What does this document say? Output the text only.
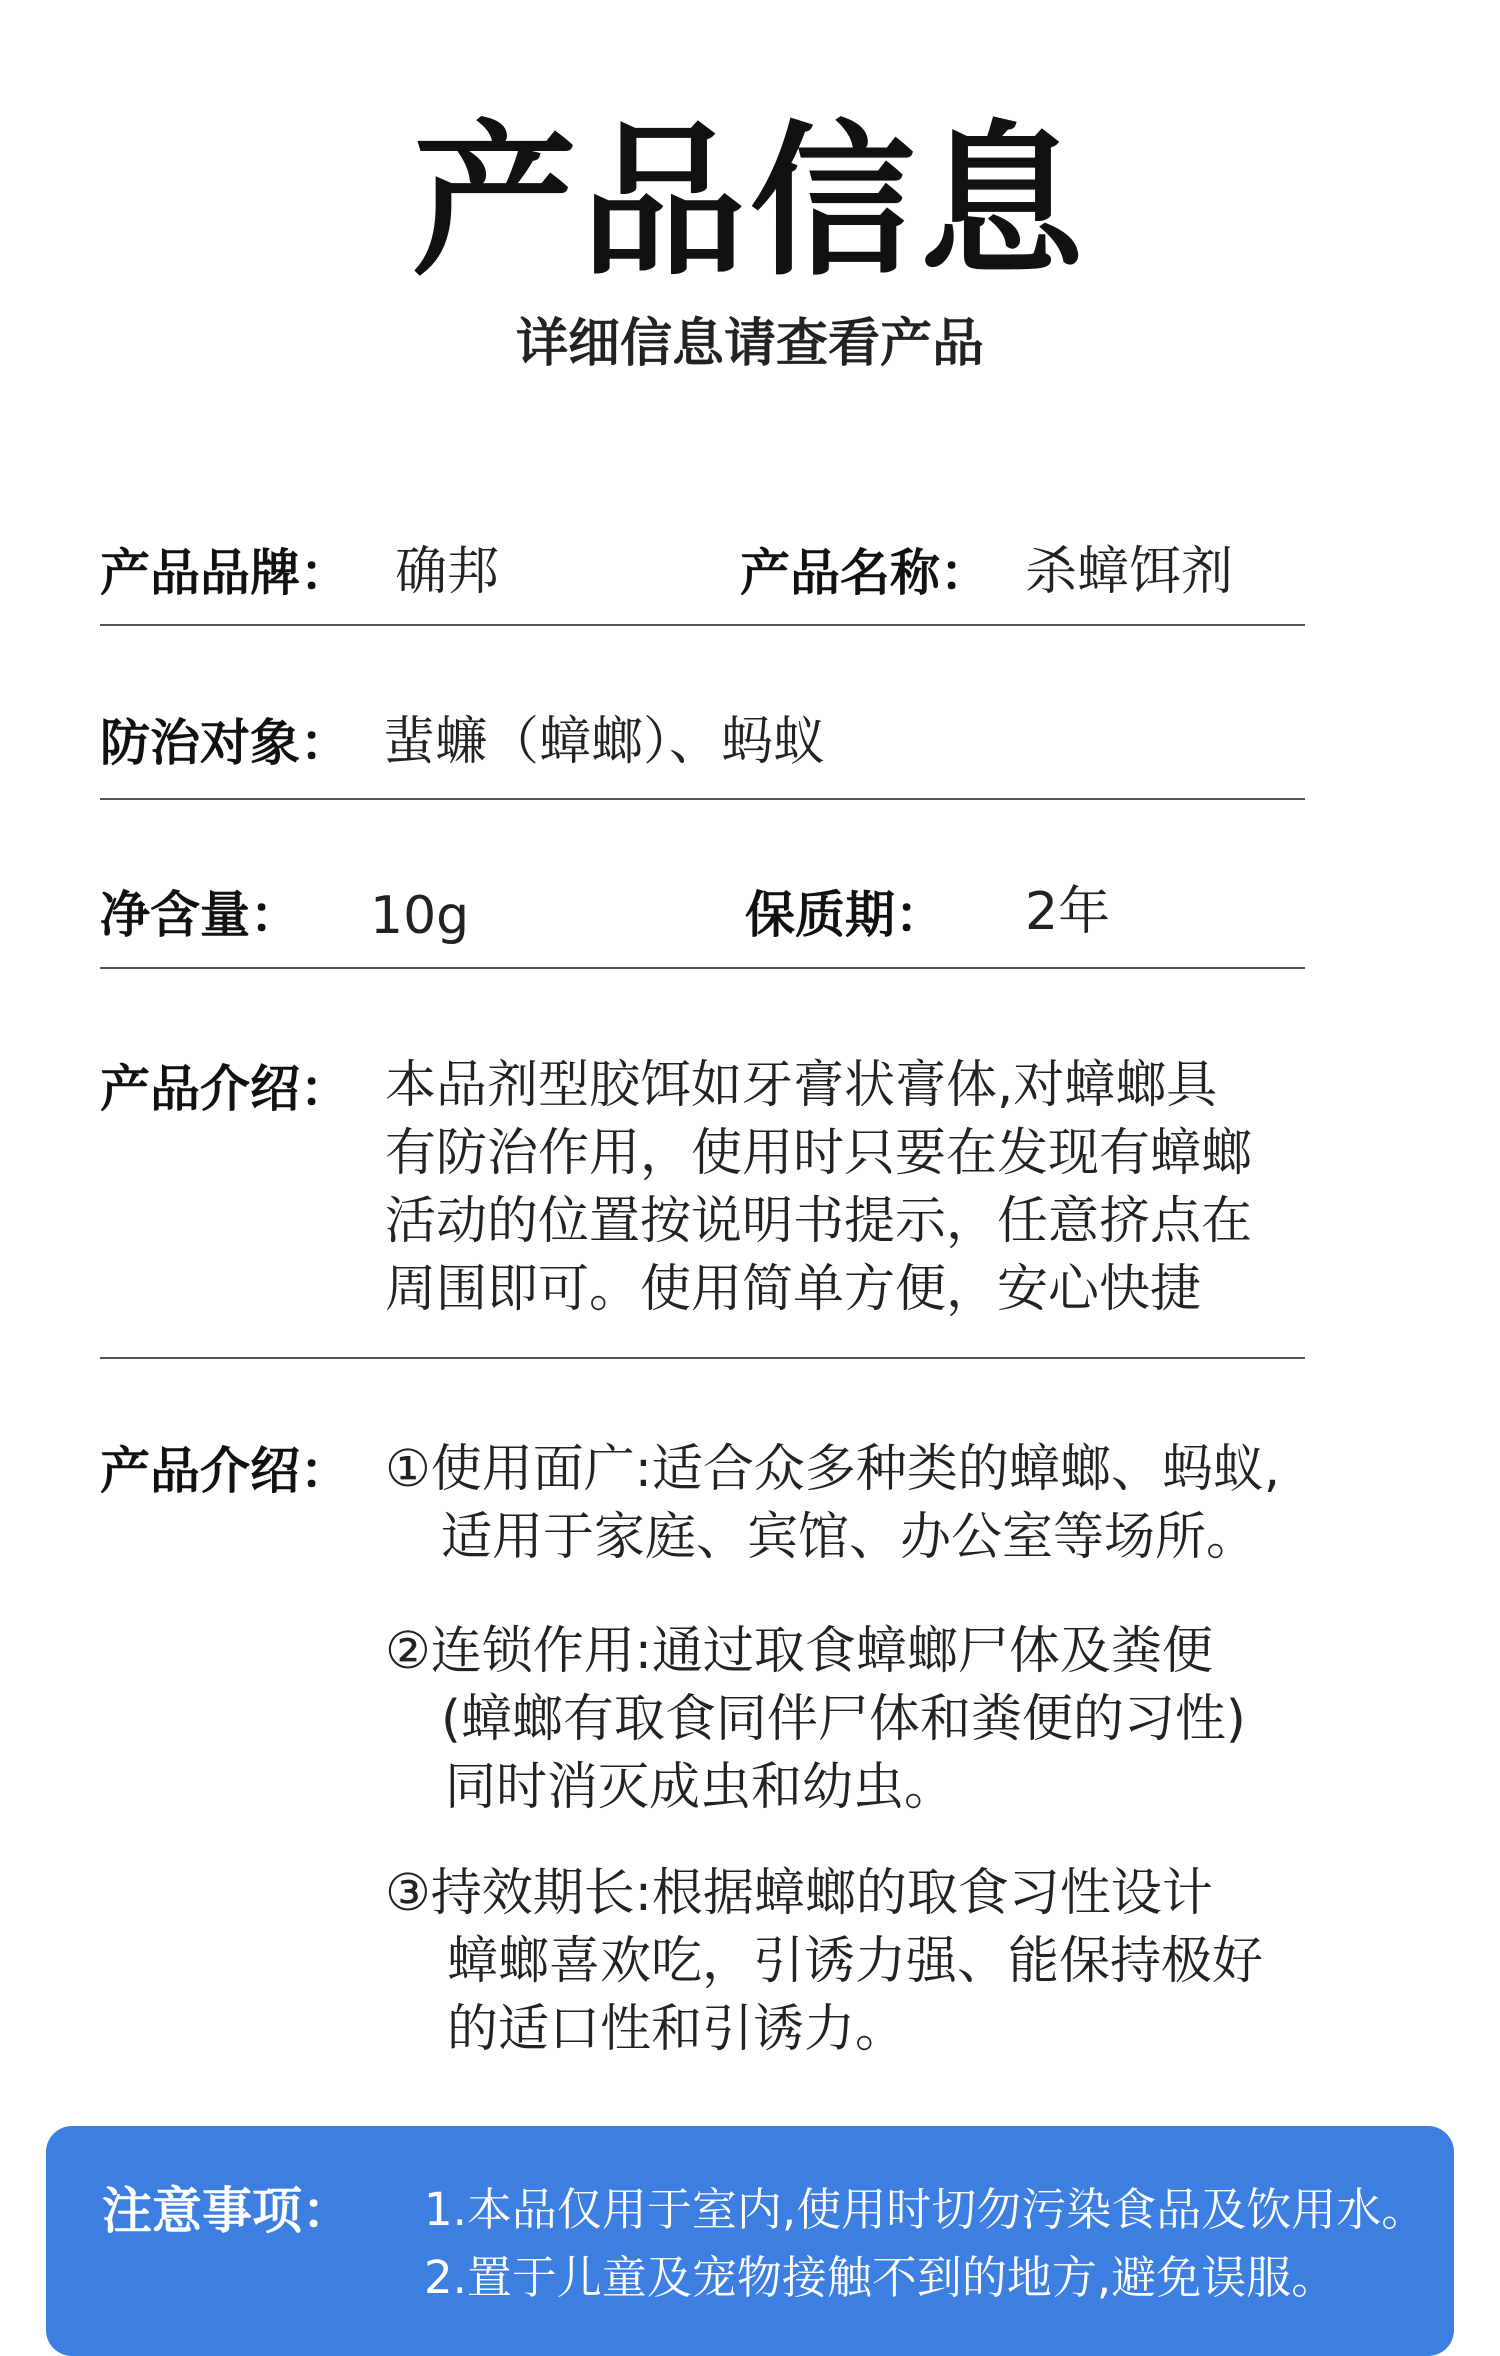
产品信息
详细信息请查看产品
产品品牌： 确邦	产品名称： 杀蟑饵剂
防治对象： 蜚蠊（蟑螂）、蚂蚁
净含量： 10g	保质期： 2年
产品介绍： 本品剂型胶饵如牙膏状膏体,对蟑螂具
有防治作用，使用时只要在发现有蟑螂
活动的位置按说明书提示，任意挤点在
周围即可。使用简单方便，安心快捷
产品介绍： ①使用面广:适合众多种类的蟑螂、蚂蚁,
适用于家庭、宾馆、办公室等场所。
②连锁作用:通过取食蟑螂尸体及粪便
(蟑螂有取食同伴尸体和粪便的习性)
同时消灭成虫和幼虫。
③持效期长:根据蟑螂的取食习性设计
蟑螂喜欢吃，引诱力强、能保持极好
的适口性和引诱力。
注意事项： 1.本品仅用于室内,使用时切勿污染食品及饮用水。
2.置于儿童及宠物接触不到的地方,避免误服。
